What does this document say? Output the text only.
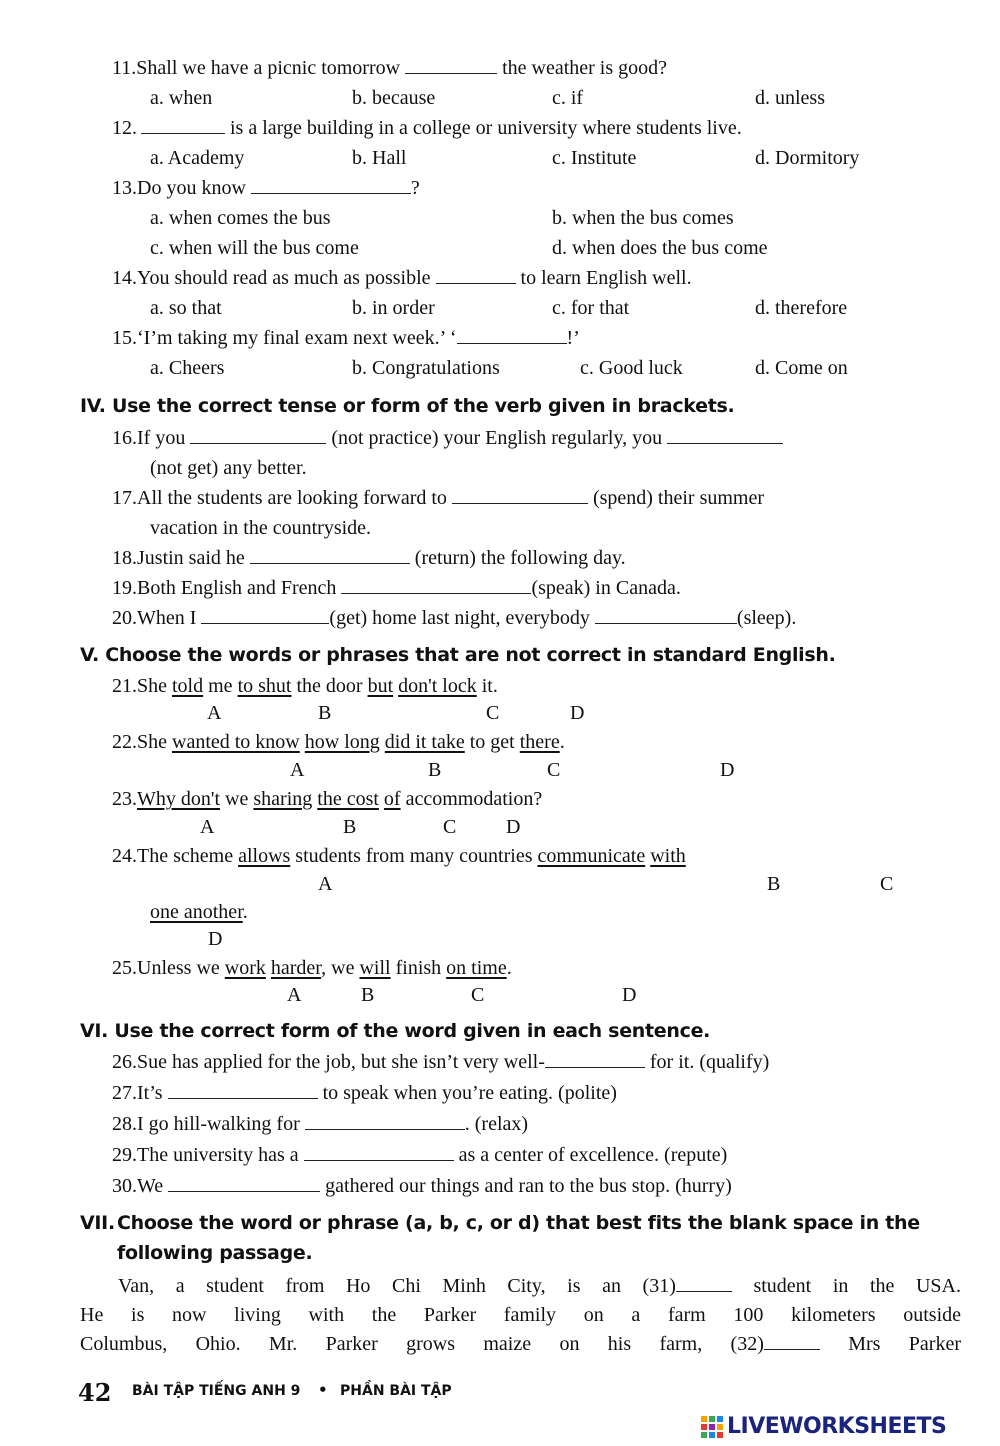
11.Shall we have a picnic tomorrow	the weather is good?
a. when	b. because	c. if	d. unless
12.	is a large building in a college or university where students live.
a. Academy	b. Hall	c. Institute	d. Dormitory
13.Do you know	?
a. when comes the bus	b. when the bus comes
c. when will the bus come	d. when does the bus come
14.You should read as much as possible	to learn English well.
a. so that	b. in order	c. for that	d. therefore
15.‘I’m taking my final exam next week.’ ‘	!’
a. Cheers	b. Congratulations	c. Good luck	d. Come on
IV. Use the correct tense or form of the verb given in brackets.
16.If you	(not practice) your English regularly, you
(not get) any better.
17.All the students are looking forward to	(spend) their summer
vacation in the countryside.
18.Justin said he	(return) the following day.
19.Both English and French	(speak) in Canada.
20.When I	(get) home last night, everybody	(sleep).
V. Choose the words or phrases that are not correct in standard English.
21.She told me to shut the door but don't lock it.
A	B	C	D
22.She wanted to know how long did it take to get there.
A	B	C	D
23.Why don't we sharing the cost of accommodation?
A	B	C D
24.The scheme allows students from many countries communicate with
A	B	C
one another.
D
25.Unless we work harder, we will finish on time.
A	B	C	D
VI. Use the correct form of the word given in each sentence.
26.Sue has applied for the job, but she isn’t very well-	for it. (qualify)
27.It’s	to speak when you’re eating. (polite)
28.I go hill-walking for	. (relax)
29.The university has a	as a center of excellence. (repute)
30.We	gathered our things and ran to the bus stop. (hurry)
VII. Choose the word or phrase (a, b, c, or d) that best fits the blank space in the
following passage.
Van, a student from Ho Chi Minh City, is an (31)	student in the USA.
He is now living with the Parker family on a farm 100 kilometers outside
Columbus, Ohio. Mr. Parker grows maize on his farm, (32)	Mrs Parker
42 BÀI TẬP TIẾNG ANH 9 • PHẦN BÀI TẬP
LIVEWORKSHEETS
